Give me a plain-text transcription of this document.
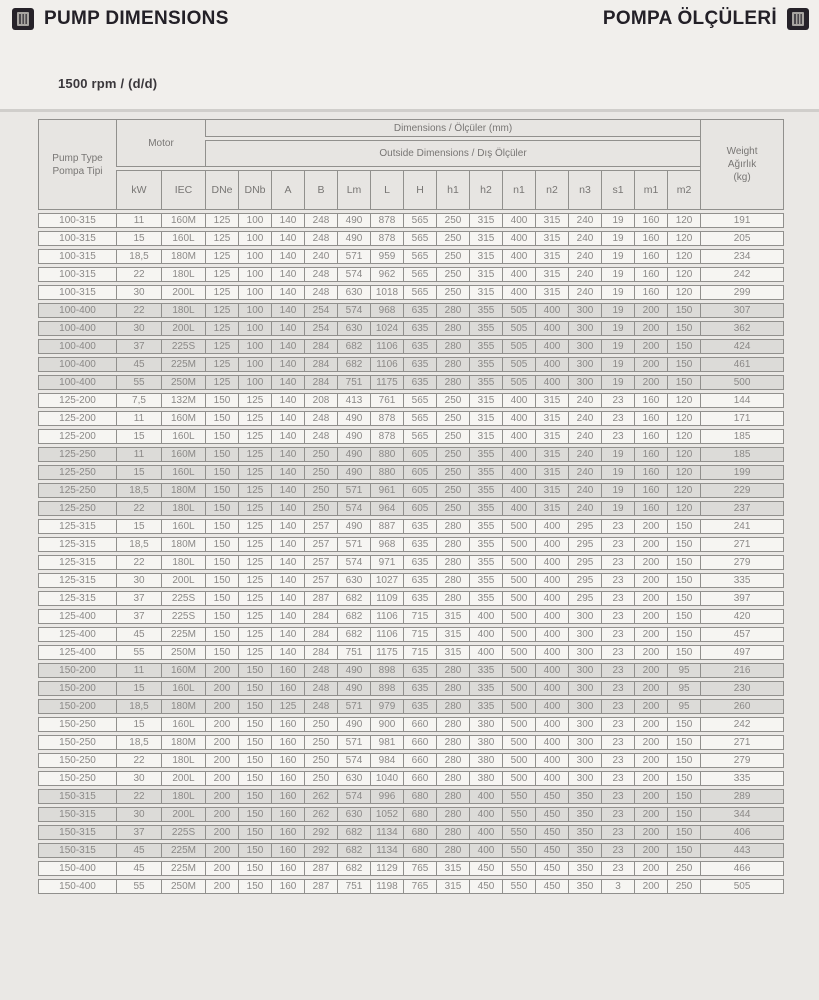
PUMP DIMENSIONS	POMPA ÖLÇÜLERİ
1500 rpm / (d/d)
Pump Type
Pompa Tipi	Motor		Dimensions / Ölçüler (mm)															Weight
Ağırlık
(kg)
			Outside Dimensions / Dış Ölçüler															
	kW	IEC	DNe	DNb	A	B	Lm	L	H	h1	h2	n1	n2	n3	s1	m1	m2	
100-315	11	160M	125	100	140	248	490	878	565	250	315	400	315	240	19	160	120	191
100-315	15	160L	125	100	140	248	490	878	565	250	315	400	315	240	19	160	120	205
100-315	18,5	180M	125	100	140	240	571	959	565	250	315	400	315	240	19	160	120	234
100-315	22	180L	125	100	140	248	574	962	565	250	315	400	315	240	19	160	120	242
100-315	30	200L	125	100	140	248	630	1018	565	250	315	400	315	240	19	160	120	299
100-400	22	180L	125	100	140	254	574	968	635	280	355	505	400	300	19	200	150	307
100-400	30	200L	125	100	140	254	630	1024	635	280	355	505	400	300	19	200	150	362
100-400	37	225S	125	100	140	284	682	1106	635	280	355	505	400	300	19	200	150	424
100-400	45	225M	125	100	140	284	682	1106	635	280	355	505	400	300	19	200	150	461
100-400	55	250M	125	100	140	284	751	1175	635	280	355	505	400	300	19	200	150	500
125-200	7,5	132M	150	125	140	208	413	761	565	250	315	400	315	240	23	160	120	144
125-200	11	160M	150	125	140	248	490	878	565	250	315	400	315	240	23	160	120	171
125-200	15	160L	150	125	140	248	490	878	565	250	315	400	315	240	23	160	120	185
125-250	11	160M	150	125	140	250	490	880	605	250	355	400	315	240	19	160	120	185
125-250	15	160L	150	125	140	250	490	880	605	250	355	400	315	240	19	160	120	199
125-250	18,5	180M	150	125	140	250	571	961	605	250	355	400	315	240	19	160	120	229
125-250	22	180L	150	125	140	250	574	964	605	250	355	400	315	240	19	160	120	237
125-315	15	160L	150	125	140	257	490	887	635	280	355	500	400	295	23	200	150	241
125-315	18,5	180M	150	125	140	257	571	968	635	280	355	500	400	295	23	200	150	271
125-315	22	180L	150	125	140	257	574	971	635	280	355	500	400	295	23	200	150	279
125-315	30	200L	150	125	140	257	630	1027	635	280	355	500	400	295	23	200	150	335
125-315	37	225S	150	125	140	287	682	1109	635	280	355	500	400	295	23	200	150	397
125-400	37	225S	150	125	140	284	682	1106	715	315	400	500	400	300	23	200	150	420
125-400	45	225M	150	125	140	284	682	1106	715	315	400	500	400	300	23	200	150	457
125-400	55	250M	150	125	140	284	751	1175	715	315	400	500	400	300	23	200	150	497
150-200	11	160M	200	150	160	248	490	898	635	280	335	500	400	300	23	200	95	216
150-200	15	160L	200	150	160	248	490	898	635	280	335	500	400	300	23	200	95	230
150-200	18,5	180M	200	150	125	248	571	979	635	280	335	500	400	300	23	200	95	260
150-250	15	160L	200	150	160	250	490	900	660	280	380	500	400	300	23	200	150	242
150-250	18,5	180M	200	150	160	250	571	981	660	280	380	500	400	300	23	200	150	271
150-250	22	180L	200	150	160	250	574	984	660	280	380	500	400	300	23	200	150	279
150-250	30	200L	200	150	160	250	630	1040	660	280	380	500	400	300	23	200	150	335
150-315	22	180L	200	150	160	262	574	996	680	280	400	550	450	350	23	200	150	289
150-315	30	200L	200	150	160	262	630	1052	680	280	400	550	450	350	23	200	150	344
150-315	37	225S	200	150	160	292	682	1134	680	280	400	550	450	350	23	200	150	406
150-315	45	225M	200	150	160	292	682	1134	680	280	400	550	450	350	23	200	150	443
150-400	45	225M	200	150	160	287	682	1129	765	315	450	550	450	350	23	200	250	466
150-400	55	250M	200	150	160	287	751	1198	765	315	450	550	450	350	3	200	250	505
